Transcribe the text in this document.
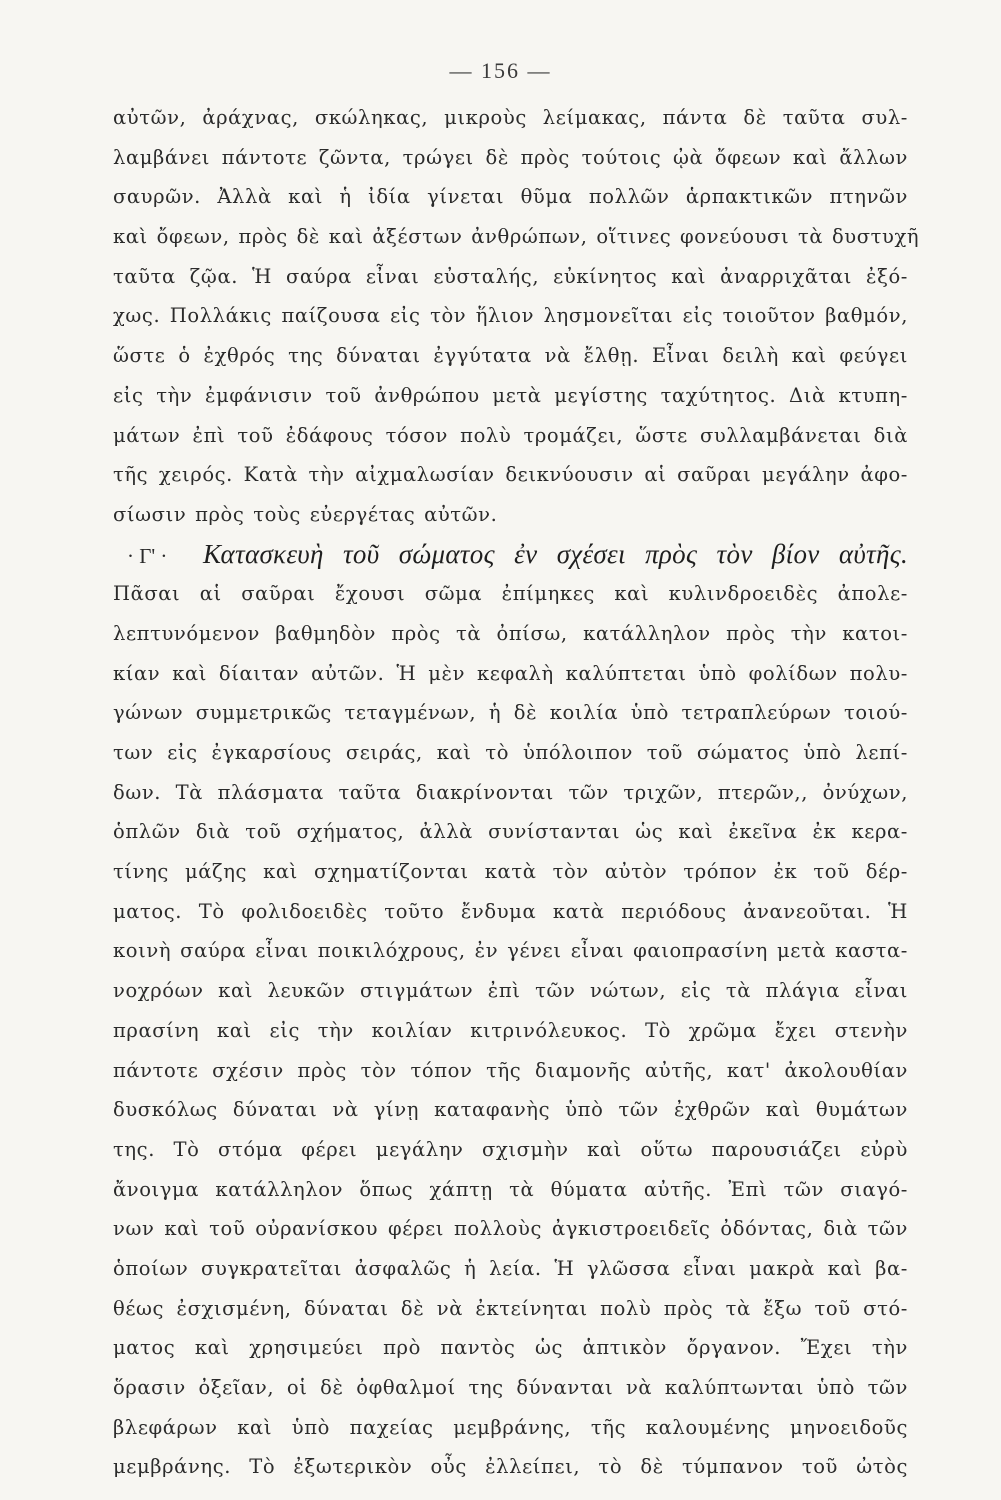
— 156 —
αὐτῶν, ἀράχνας, σκώληκας, μικροὺς λείμακας, πάντα δὲ ταῦτα συλ-
λαμβάνει πάντοτε ζῶντα, τρώγει δὲ πρὸς τούτοις ᾠὰ ὄφεων καὶ ἄλλων
σαυρῶν. Ἀλλὰ καὶ ἡ ἰδία γίνεται θῦμα πολλῶν ἁρπακτικῶν πτηνῶν
καὶ ὄφεων, πρὸς δὲ καὶ ἀξέστων ἀνθρώπων, οἵτινες φονεύουσι τὰ δυστυχῆ
ταῦτα ζῷα. Ἡ σαύρα εἶναι εὐσταλής, εὐκίνητος καὶ ἀναρριχᾶται ἐξό-
χως. Πολλάκις παίζουσα εἰς τὸν ἥλιον λησμονεῖται εἰς τοιοῦτον βαθμόν,
ὥστε ὁ ἐχθρός της δύναται ἐγγύτατα νὰ ἔλθῃ. Εἶναι δειλὴ καὶ φεύγει
εἰς τὴν ἐμφάνισιν τοῦ ἀνθρώπου μετὰ μεγίστης ταχύτητος. Διὰ κτυπη-
μάτων ἐπὶ τοῦ ἐδάφους τόσον πολὺ τρομάζει, ὥστε συλλαμβάνεται διὰ
τῆς χειρός. Κατὰ τὴν αἰχμαλωσίαν δεικνύουσιν αἱ σαῦραι μεγάλην ἀφο-
σίωσιν πρὸς τοὺς εὐεργέτας αὐτῶν.
· Γ' ·	Κατασκευὴ τοῦ σώματος ἐν σχέσει πρὸς τὸν βίον αὐτῆς.
Πᾶσαι αἱ σαῦραι ἔχουσι σῶμα ἐπίμηκες καὶ κυλινδροειδὲς ἀπολε-
λεπτυνόμενον βαθμηδὸν πρὸς τὰ ὀπίσω, κατάλληλον πρὸς τὴν κατοι-
κίαν καὶ δίαιταν αὐτῶν. Ἡ μὲν κεφαλὴ καλύπτεται ὑπὸ φολίδων πολυ-
γώνων συμμετρικῶς τεταγμένων, ἡ δὲ κοιλία ὑπὸ τετραπλεύρων τοιού-
των εἰς ἐγκαρσίους σειράς, καὶ τὸ ὑπόλοιπον τοῦ σώματος ὑπὸ λεπί-
δων. Τὰ πλάσματα ταῦτα διακρίνονται τῶν τριχῶν, πτερῶν,, ὀνύχων,
ὁπλῶν διὰ τοῦ σχήματος, ἀλλὰ συνίστανται ὡς καὶ ἐκεῖνα ἐκ κερα-
τίνης μάζης καὶ σχηματίζονται κατὰ τὸν αὐτὸν τρόπον ἐκ τοῦ δέρ-
ματος. Τὸ φολιδοειδὲς τοῦτο ἔνδυμα κατὰ περιόδους ἀνανεοῦται. Ἡ
κοινὴ σαύρα εἶναι ποικιλόχρους, ἐν γένει εἶναι φαιοπρασίνη μετὰ καστα-
νοχρόων καὶ λευκῶν στιγμάτων ἐπὶ τῶν νώτων, εἰς τὰ πλάγια εἶναι
πρασίνη καὶ εἰς τὴν κοιλίαν κιτρινόλευκος. Τὸ χρῶμα ἔχει στενὴν
πάντοτε σχέσιν πρὸς τὸν τόπον τῆς διαμονῆς αὐτῆς, κατ' ἀκολουθίαν
δυσκόλως δύναται νὰ γίνῃ καταφανὴς ὑπὸ τῶν ἐχθρῶν καὶ θυμάτων
της. Τὸ στόμα φέρει μεγάλην σχισμὴν καὶ οὕτω παρουσιάζει εὐρὺ
ἄνοιγμα κατάλληλον ὅπως χάπτῃ τὰ θύματα αὐτῆς. Ἐπὶ τῶν σιαγό-
νων καὶ τοῦ οὐρανίσκου φέρει πολλοὺς ἀγκιστροειδεῖς ὀδόντας, διὰ τῶν
ὁποίων συγκρατεῖται ἀσφαλῶς ἡ λεία. Ἡ γλῶσσα εἶναι μακρὰ καὶ βα-
θέως ἐσχισμένη, δύναται δὲ νὰ ἐκτείνηται πολὺ πρὸς τὰ ἔξω τοῦ στό-
ματος καὶ χρησιμεύει πρὸ παντὸς ὡς ἁπτικὸν ὄργανον. Ἔχει τὴν
ὅρασιν ὀξεῖαν, οἱ δὲ ὀφθαλμοί της δύνανται νὰ καλύπτωνται ὑπὸ τῶν
βλεφάρων καὶ ὑπὸ παχείας μεμβράνης, τῆς καλουμένης μηνοειδοῦς
μεμβράνης. Τὸ ἐξωτερικὸν οὖς ἐλλείπει, τὸ δὲ τύμπανον τοῦ ὠτὸς
